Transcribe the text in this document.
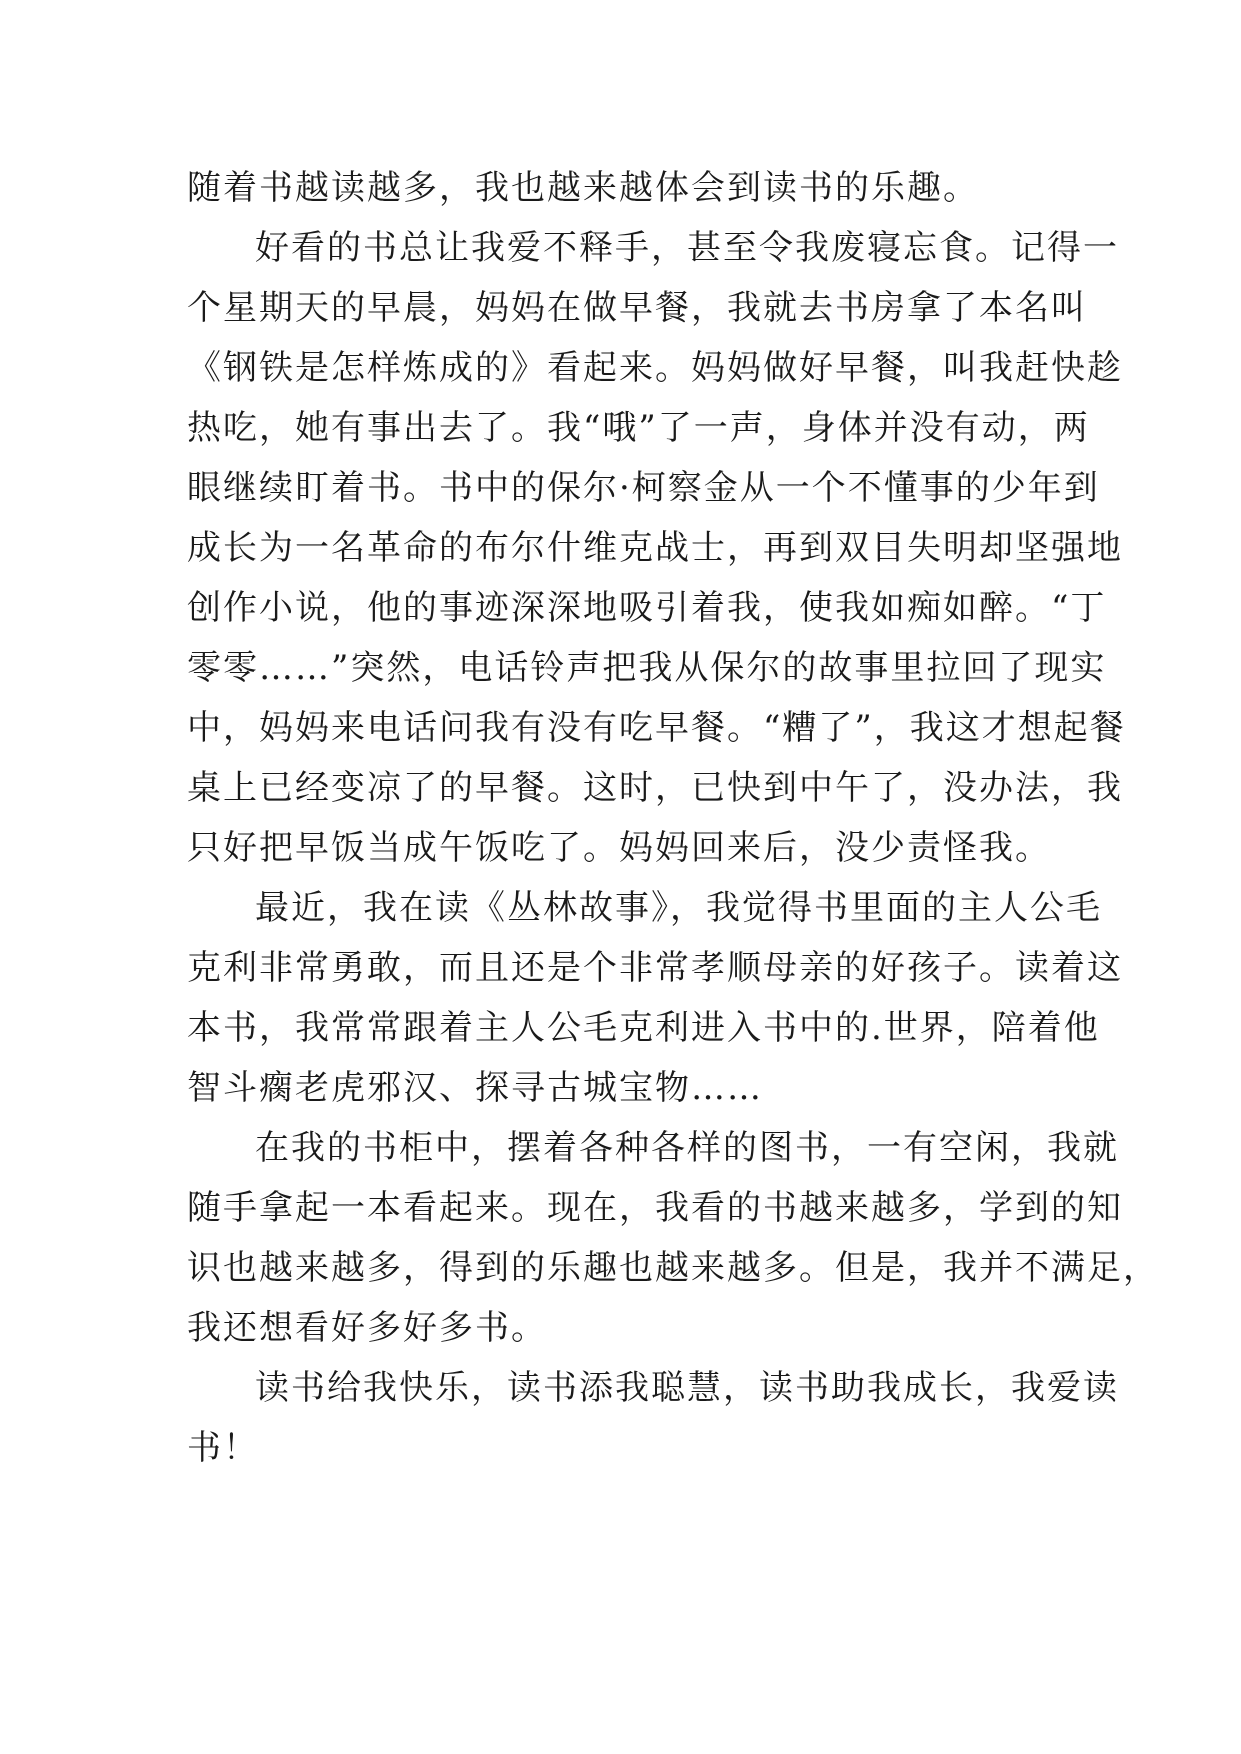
随着书越读越多，我也越来越体会到读书的乐趣。
好看的书总让我爱不释手，甚至令我废寝忘食。记得一
个星期天的早晨，妈妈在做早餐，我就去书房拿了本名叫
《钢铁是怎样炼成的》看起来。妈妈做好早餐，叫我赶快趁
热吃，她有事出去了。我“哦”了一声，身体并没有动，两
眼继续盯着书。书中的保尔·柯察金从一个不懂事的少年到
成长为一名革命的布尔什维克战士，再到双目失明却坚强地
创作小说，他的事迹深深地吸引着我，使我如痴如醉。“丁
零零……”突然，电话铃声把我从保尔的故事里拉回了现实
中，妈妈来电话问我有没有吃早餐。“糟了”，我这才想起餐
桌上已经变凉了的早餐。这时，已快到中午了，没办法，我
只好把早饭当成午饭吃了。妈妈回来后，没少责怪我。
最近，我在读《丛林故事》，我觉得书里面的主人公毛
克利非常勇敢，而且还是个非常孝顺母亲的好孩子。读着这
本书，我常常跟着主人公毛克利进入书中的.世界，陪着他
智斗瘸老虎邪汉、探寻古城宝物……
在我的书柜中，摆着各种各样的图书，一有空闲，我就
随手拿起一本看起来。现在，我看的书越来越多，学到的知
识也越来越多，得到的乐趣也越来越多。但是，我并不满足，
我还想看好多好多书。
读书给我快乐，读书添我聪慧，读书助我成长，我爱读
书！
